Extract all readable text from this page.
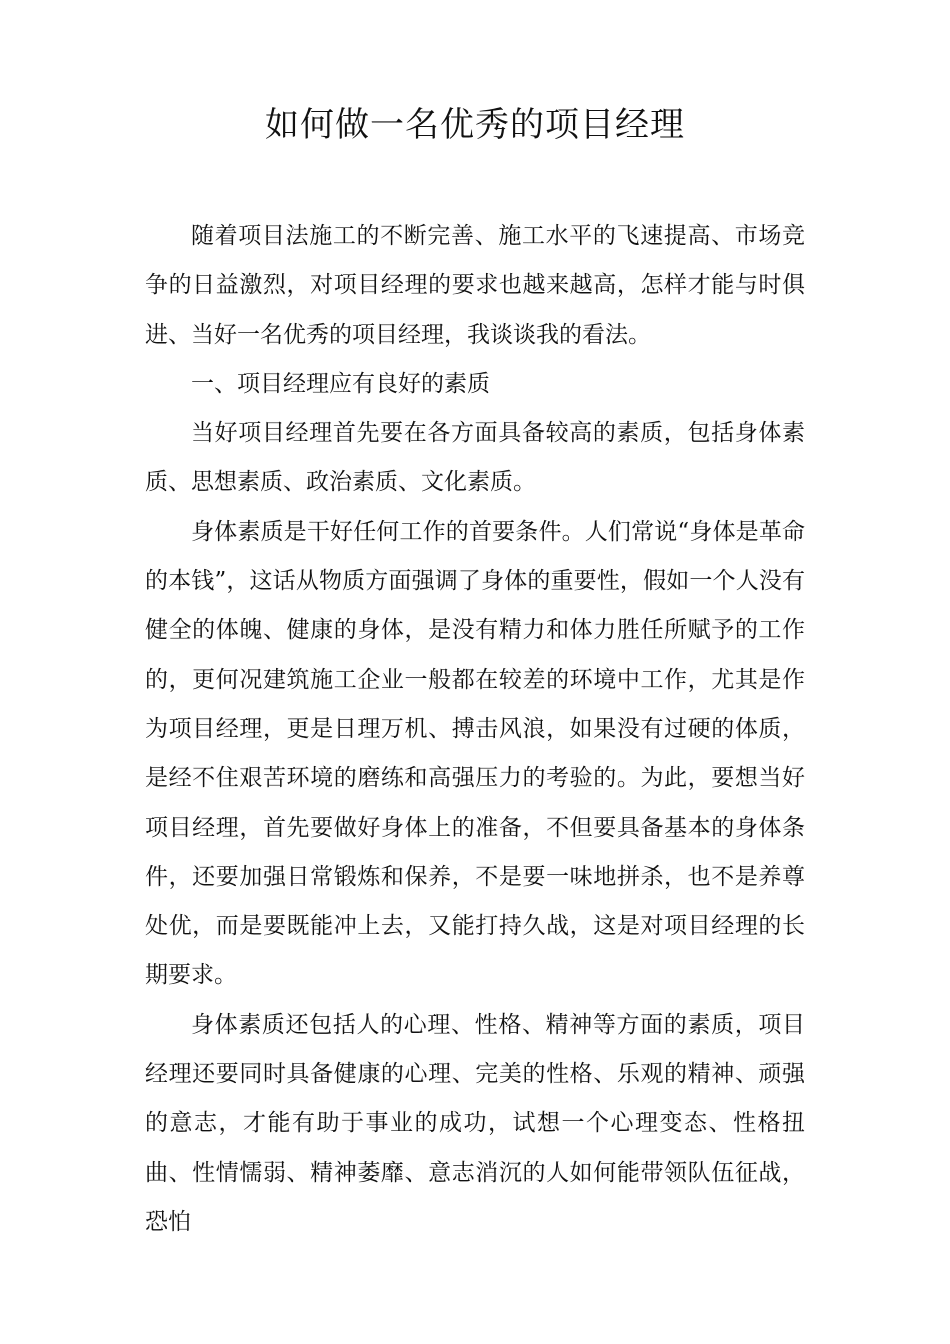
如何做一名优秀的项目经理

随着项目法施工的不断完善、施工水平的飞速提高、市场竞争的日益激烈，对项目经理的要求也越来越高，怎样才能与时俱进、当好一名优秀的项目经理，我谈谈我的看法。

一、项目经理应有良好的素质

当好项目经理首先要在各方面具备较高的素质，包括身体素质、思想素质、政治素质、文化素质。

身体素质是干好任何工作的首要条件。人们常说“身体是革命的本钱”，这话从物质方面强调了身体的重要性，假如一个人没有健全的体魄、健康的身体，是没有精力和体力胜任所赋予的工作的，更何况建筑施工企业一般都在较差的环境中工作，尤其是作为项目经理，更是日理万机、搏击风浪，如果没有过硬的体质，是经不住艰苦环境的磨练和高强压力的考验的。为此，要想当好项目经理，首先要做好身体上的准备，不但要具备基本的身体条件，还要加强日常锻炼和保养，不是要一味地拼杀，也不是养尊处优，而是要既能冲上去，又能打持久战，这是对项目经理的长期要求。

身体素质还包括人的心理、性格、精神等方面的素质，项目经理还要同时具备健康的心理、完美的性格、乐观的精神、顽强的意志，才能有助于事业的成功，试想一个心理变态、性格扭曲、性情懦弱、精神萎靡、意志消沉的人如何能带领队伍征战，恐怕
